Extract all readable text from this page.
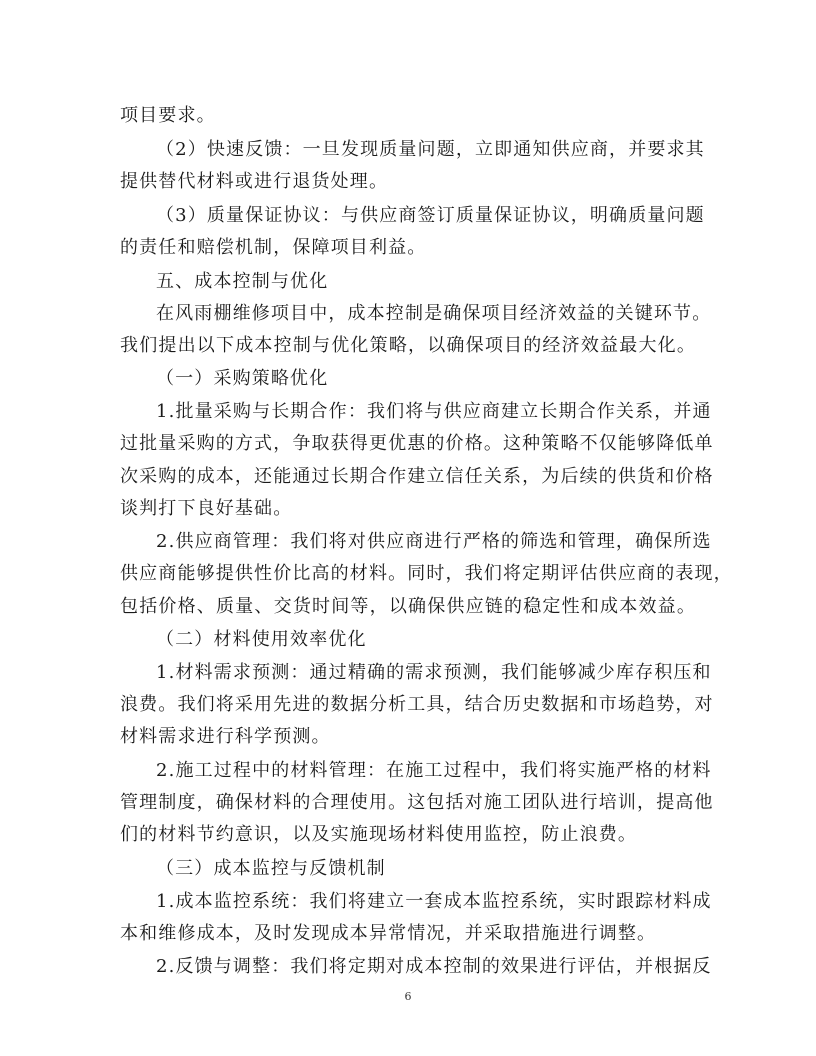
项目要求。
（2）快速反馈：一旦发现质量问题，立即通知供应商，并要求其
提供替代材料或进行退货处理。
（3）质量保证协议：与供应商签订质量保证协议，明确质量问题
的责任和赔偿机制，保障项目利益。
五、成本控制与优化
在风雨棚维修项目中，成本控制是确保项目经济效益的关键环节。
我们提出以下成本控制与优化策略，以确保项目的经济效益最大化。
（一）采购策略优化
1.批量采购与长期合作：我们将与供应商建立长期合作关系，并通
过批量采购的方式，争取获得更优惠的价格。这种策略不仅能够降低单
次采购的成本，还能通过长期合作建立信任关系，为后续的供货和价格
谈判打下良好基础。
2.供应商管理：我们将对供应商进行严格的筛选和管理，确保所选
供应商能够提供性价比高的材料。同时，我们将定期评估供应商的表现，
包括价格、质量、交货时间等，以确保供应链的稳定性和成本效益。
（二）材料使用效率优化
1.材料需求预测：通过精确的需求预测，我们能够减少库存积压和
浪费。我们将采用先进的数据分析工具，结合历史数据和市场趋势，对
材料需求进行科学预测。
2.施工过程中的材料管理：在施工过程中，我们将实施严格的材料
管理制度，确保材料的合理使用。这包括对施工团队进行培训，提高他
们的材料节约意识，以及实施现场材料使用监控，防止浪费。
（三）成本监控与反馈机制
1.成本监控系统：我们将建立一套成本监控系统，实时跟踪材料成
本和维修成本，及时发现成本异常情况，并采取措施进行调整。
2.反馈与调整：我们将定期对成本控制的效果进行评估，并根据反
6
